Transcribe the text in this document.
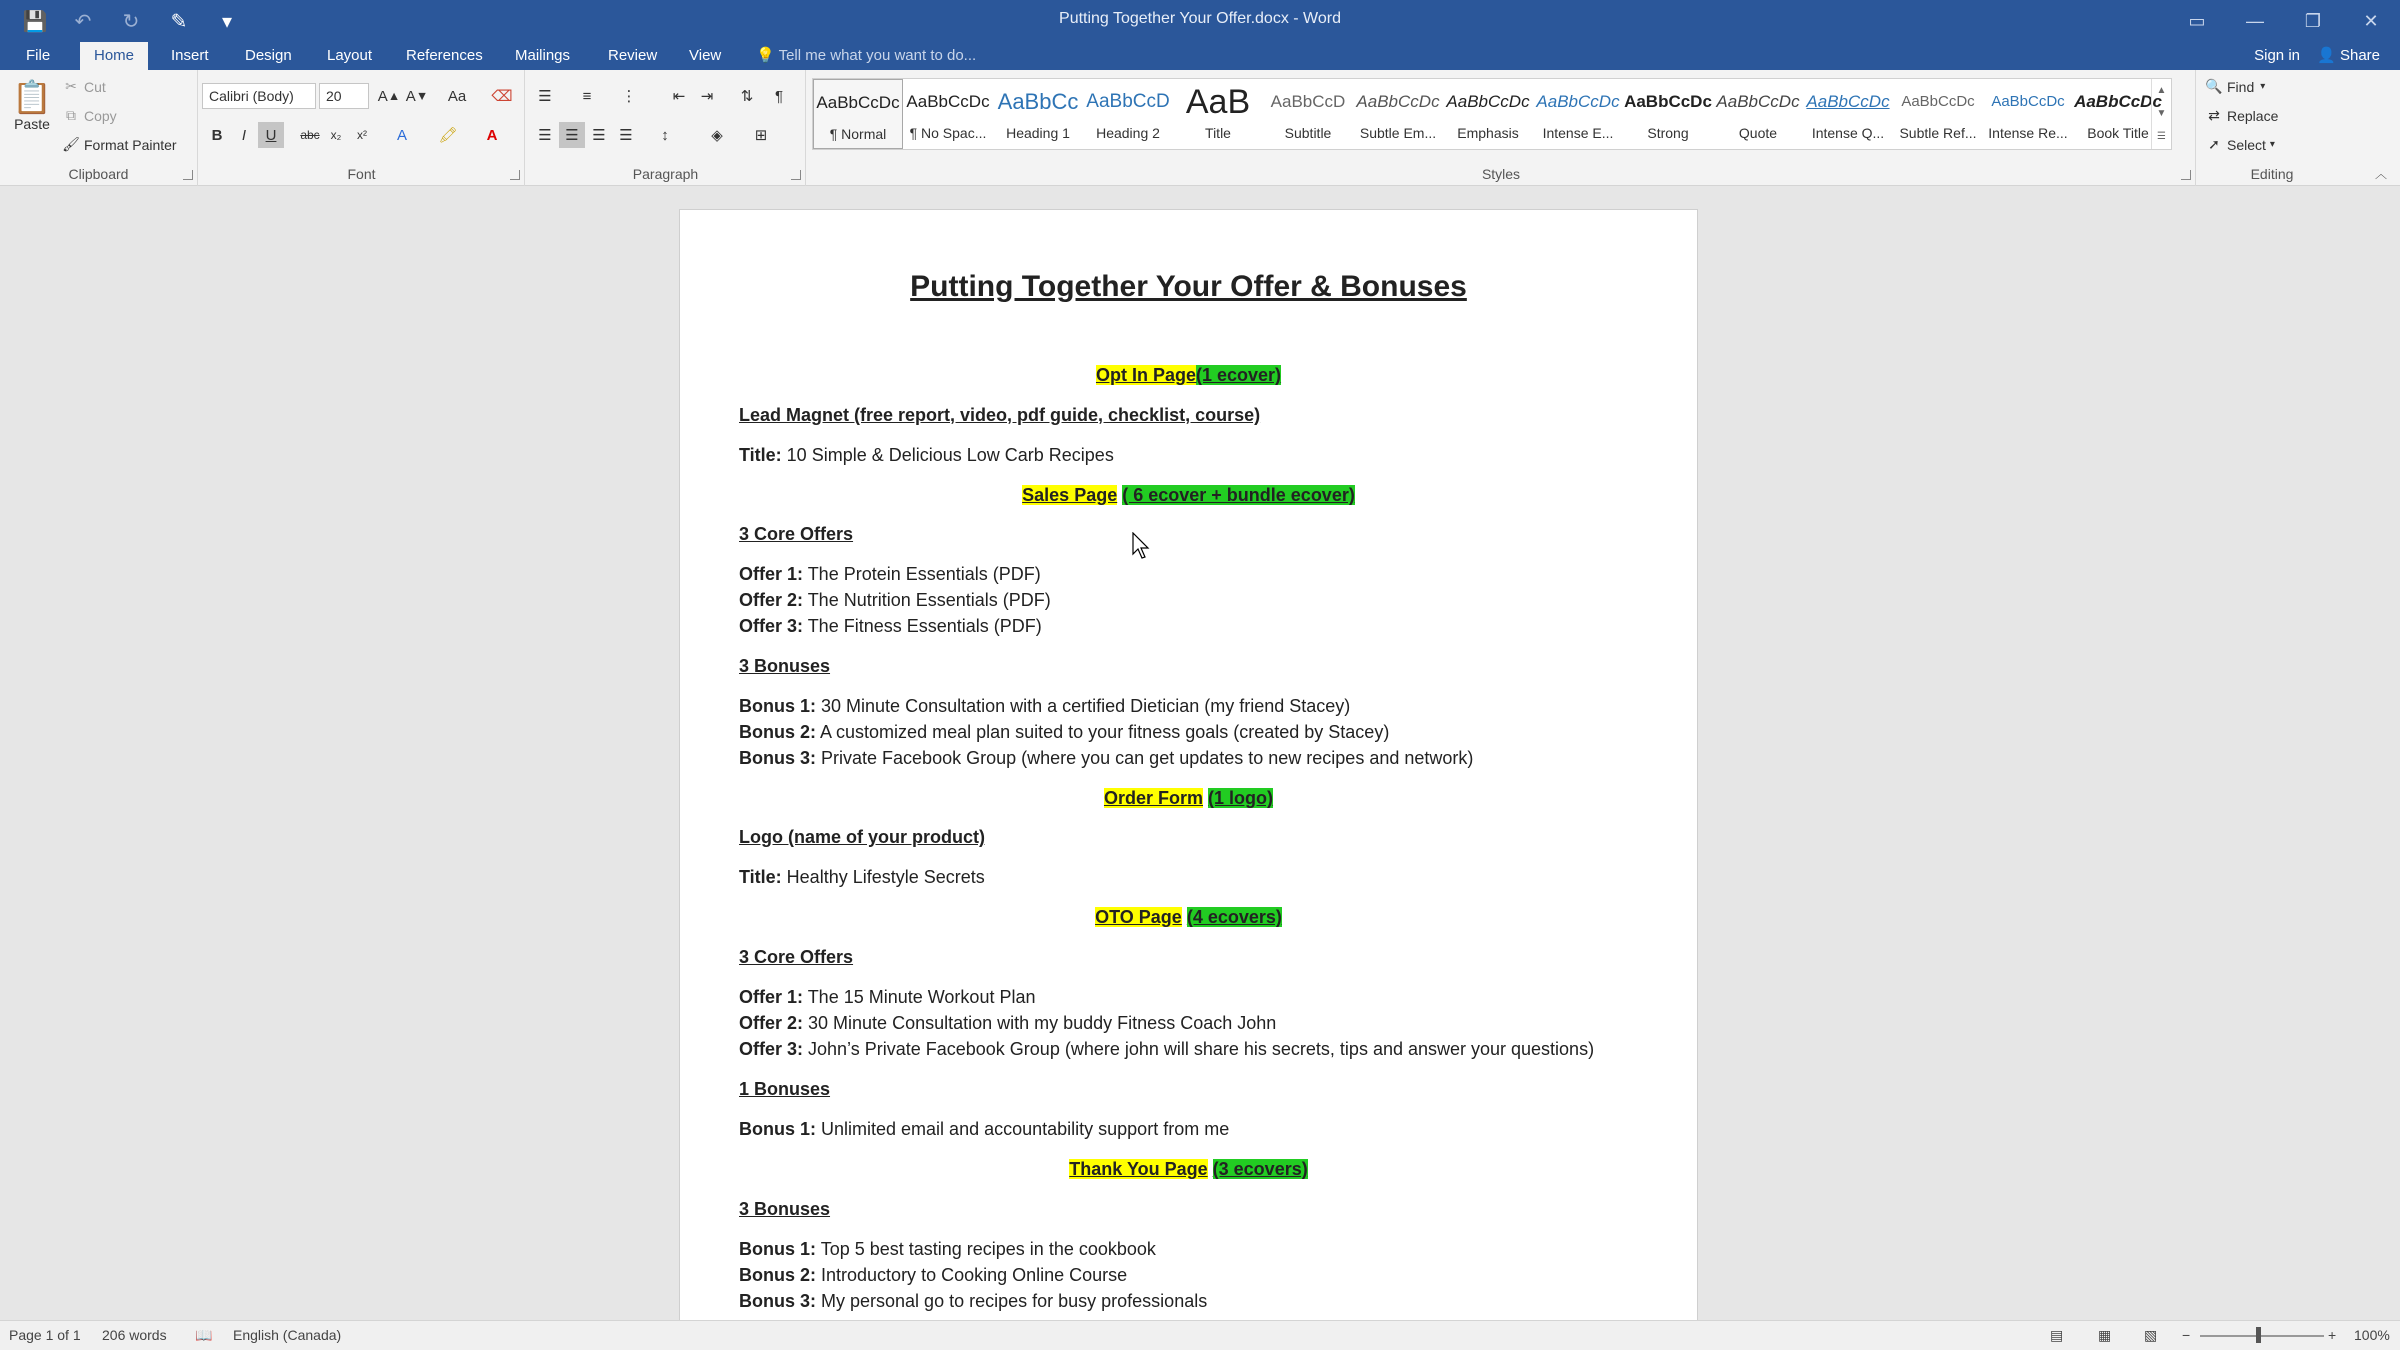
💾	↶	↻	✎	▾	Putting Together Your Offer.docx - Word	▭	—	❐	✕
File	Home	Insert	Design	Layout	References	Mailings	Review	View	💡 Tell me what you want to do...	Sign in 👤 Share
📋
Paste
✂ Cut
⧉ Copy
🖌 Format Painter
Clipboard
Calibri (Body)	20	A ▲ A ▼	Aa	⌫
B	I	U	abc x₂	x²	A	🖍	A
Font
☰	≡	⋮	⇤	⇥	⇅	¶
☰ ☰ ☰ ☰	↕	◈	⊞
Paragraph
AaBbCcDc
¶ Normal
AaBbCcDc
¶ No Spac...
AaBbCc
Heading 1
AaBbCcD
Heading 2
AaB
Title
AaBbCcD
Subtitle
AaBbCcDc
Subtle Em...
AaBbCcDc
Emphasis
AaBbCcDc
Intense E...
AaBbCcDc
Strong
AaBbCcDc
Quote
AaBbCcDc
Intense Q...
AaBbCcDc
Subtle Ref...
AaBbCcDc
Intense Re...
AaBbCcDc
Book Title
▲
▼
☰
Styles
🔍 Find ▾
⇄ Replace
➚ Select ▾
Editing	︿
Putting Together Your Offer & Bonuses
Opt In Page(1 ecover)
Lead Magnet (free report, video, pdf guide, checklist, course)
Title: 10 Simple & Delicious Low Carb Recipes
Sales Page ( 6 ecover + bundle ecover)
3 Core Offers
Offer 1: The Protein Essentials (PDF)
Offer 2: The Nutrition Essentials (PDF)
Offer 3: The Fitness Essentials (PDF)
3 Bonuses
Bonus 1: 30 Minute Consultation with a certified Dietician (my friend Stacey)
Bonus 2: A customized meal plan suited to your fitness goals (created by Stacey)
Bonus 3: Private Facebook Group (where you can get updates to new recipes and network)
Order Form (1 logo)
Logo (name of your product)
Title: Healthy Lifestyle Secrets
OTO Page (4 ecovers)
3 Core Offers
Offer 1: The 15 Minute Workout Plan
Offer 2: 30 Minute Consultation with my buddy Fitness Coach John
Offer 3: John’s Private Facebook Group (where john will share his secrets, tips and answer your questions)
1 Bonuses
Bonus 1: Unlimited email and accountability support from me
Thank You Page (3 ecovers)
3 Bonuses
Bonus 1: Top 5 best tasting recipes in the cookbook
Bonus 2: Introductory to Cooking Online Course
Bonus 3: My personal go to recipes for busy professionals
Page 1 of 1 206 words 📖 English (Canada)	▤ ▦ ▧ −	+ 100%
